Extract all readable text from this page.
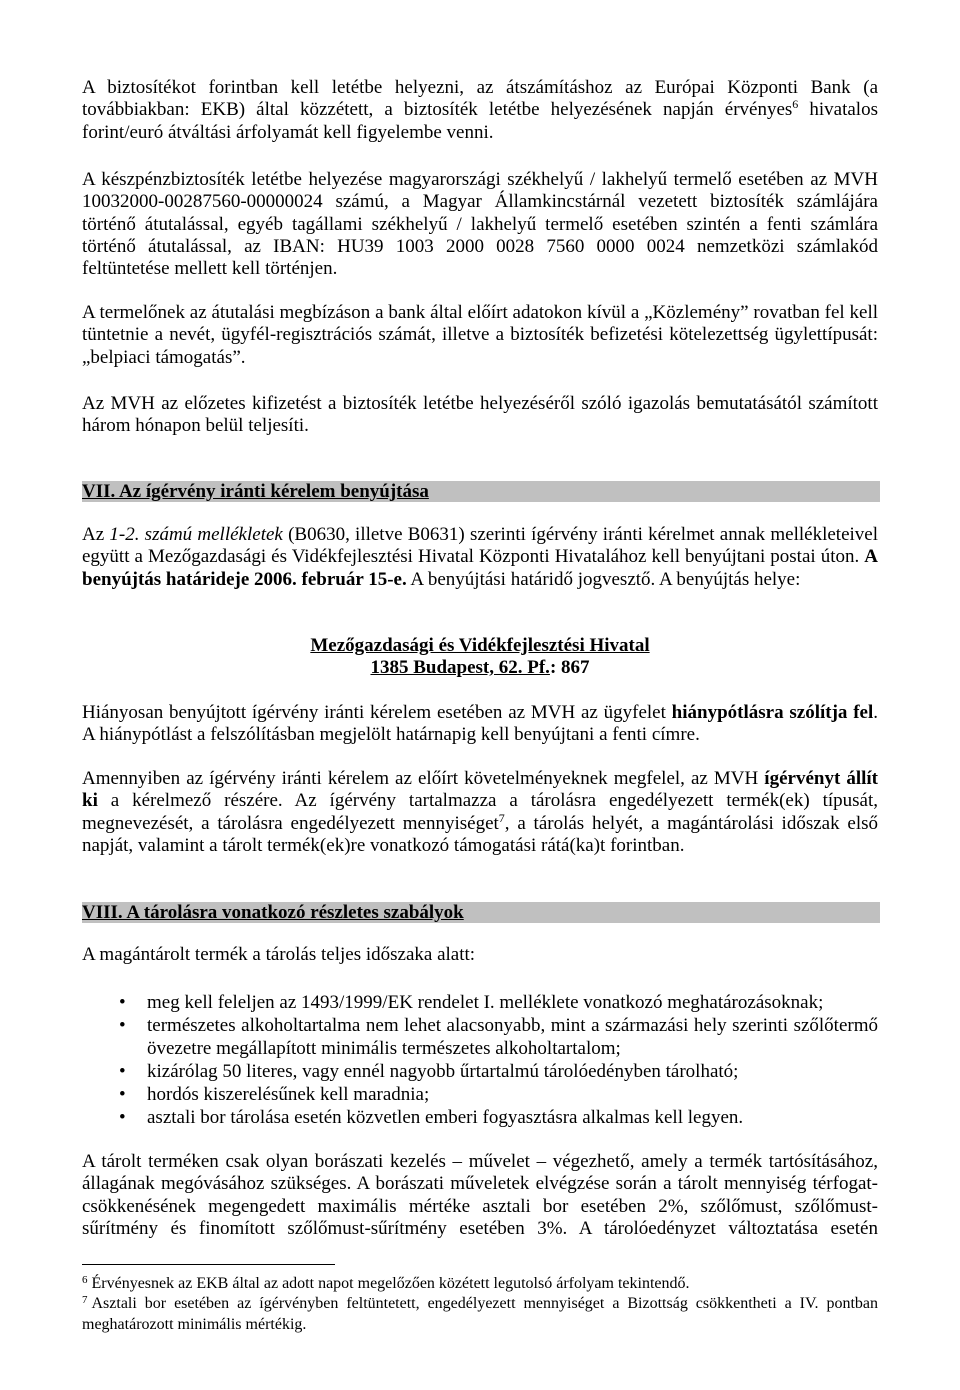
A biztosítékot forintban kell letétbe helyezni, az átszámításhoz az Európai Központi Bank (a továbbiakban: EKB) által közzétett, a biztosíték letétbe helyezésének napján érvényes$^6$ hivatalos forint/euró átváltási árfolyamát kell figyelembe venni.
A készpénzbiztosíték letétbe helyezése magyarországi székhelyű / lakhelyű termelő esetében az MVH 10032000-00287560-00000024 számú, a Magyar Államkincstárnál vezetett biztosíték számlájára történő átutalással, egyéb tagállami székhelyű / lakhelyű termelő esetében szintén a fenti számlára történő átutalással, az IBAN: HU39 1003 2000 0028 7560 0000 0024 nemzetközi számlakód feltüntetése mellett kell történjen.
A termelőnek az átutalási megbízáson a bank által előírt adatokon kívül a „Közlemény” rovatban fel kell tüntetnie a nevét, ügyfél-regisztrációs számát, illetve a biztosíték befizetési kötelezettség ügylettípusát: „belpiaci támogatás”.
Az MVH az előzetes kifizetést a biztosíték letétbe helyezéséről szóló igazolás bemutatásától számított három hónapon belül teljesíti.
VII. Az ígérvény iránti kérelem benyújtása
Az 1-2. számú mellékletek (B0630, illetve B0631) szerinti ígérvény iránti kérelmet annak mellékleteivel együtt a Mezőgazdasági és Vidékfejlesztési Hivatal Központi Hivatalához kell benyújtani postai úton. A benyújtás határideje 2006. február 15-e. A benyújtási határidő jogvesztő. A benyújtás helye:
Mezőgazdasági és Vidékfejlesztési Hivatal
1385 Budapest, 62. Pf.: 867
Hiányosan benyújtott ígérvény iránti kérelem esetében az MVH az ügyfelet hiánypótlásra szólítja fel. A hiánypótlást a felszólításban megjelölt határnapig kell benyújtani a fenti címre.
Amennyiben az ígérvény iránti kérelem az előírt követelményeknek megfelel, az MVH ígérvényt állít ki a kérelmező részére. Az ígérvény tartalmazza a tárolásra engedélyezett termék(ek) típusát, megnevezését, a tárolásra engedélyezett mennyiséget$^7$, a tárolás helyét, a magántárolási időszak első napját, valamint a tárolt termék(ek)re vonatkozó támogatási rátá(ka)t forintban.
VIII. A tárolásra vonatkozó részletes szabályok
A magántárolt termék a tárolás teljes időszaka alatt:
• meg kell feleljen az 1493/1999/EK rendelet I. melléklete vonatkozó meghatározásoknak;
• természetes alkoholtartalma nem lehet alacsonyabb, mint a származási hely szerinti szőlőtermő övezetre megállapított minimális természetes alkoholtartalom;
• kizárólag 50 literes, vagy ennél nagyobb űrtartalmú tárolóedényben tárolható;
• hordós kiszerelésűnek kell maradnia;
• asztali bor tárolása esetén közvetlen emberi fogyasztásra alkalmas kell legyen.
A tárolt terméken csak olyan borászati kezelés – művelet – végezhető, amely a termék tartósításához, állagának megóvásához szükséges. A borászati műveletek elvégzése során a tárolt mennyiség térfogat-csökkenésének megengedett maximális mértéke asztali bor esetében 2%, szőlőmust, szőlőmust-sűrítmény és finomított szőlőmust-sűrítmény esetében 3%. A tárolóedényzet változtatása esetén
$^6$ Érvényesnek az EKB által az adott napot megelőzően közétett legutolsó árfolyam tekintendő.
$^7$ Asztali bor esetében az ígérvényben feltüntetett, engedélyezett mennyiséget a Bizottság csökkentheti a IV. pontban meghatározott minimális mértékig.
